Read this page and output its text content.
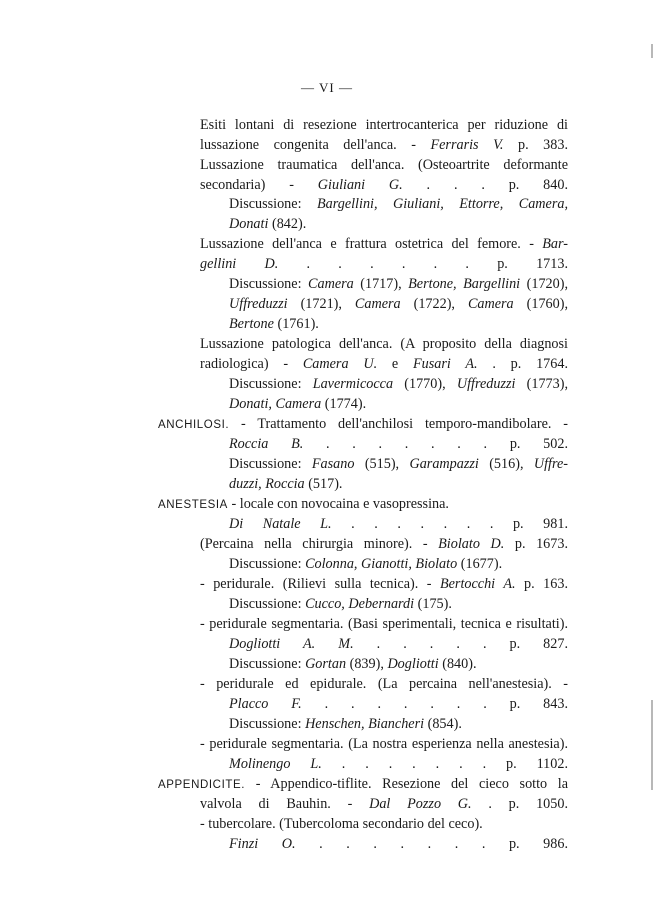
— VI —
Esiti lontani di resezione intertrocanterica per riduzione di
lussazione congenita dell'anca. - Ferraris V. p. 383.
Lussazione traumatica dell'anca. (Osteoartrite deformante
secondaria) - Giuliani G. . . . p. 840.
Discussione: Bargellini, Giuliani, Ettorre, Camera,
Donati (842).
Lussazione dell'anca e frattura ostetrica del femore. - Bar-
gellini D. . . . . . . p. 1713.
Discussione: Camera (1717), Bertone, Bargellini (1720),
Uffreduzzi (1721), Camera (1722), Camera (1760),
Bertone (1761).
Lussazione patologica dell'anca. (A proposito della diagnosi
radiologica) - Camera U. e Fusari A. . p. 1764.
Discussione: Lavermicocca (1770), Uffreduzzi (1773),
Donati, Camera (1774).
ANCHILOSI. - Trattamento dell'anchilosi temporo-mandibolare. -
Roccia B. . . . . . . . p. 502.
Discussione: Fasano (515), Garampazzi (516), Uffre-
duzzi, Roccia (517).
ANESTESIA - locale con novocaina e vasopressina.
Di Natale L. . . . . . . . p. 981.
(Percaina nella chirurgia minore). - Biolato D. p. 1673.
Discussione: Colonna, Gianotti, Biolato (1677).
- peridurale. (Rilievi sulla tecnica). - Bertocchi A. p. 163.
Discussione: Cucco, Debernardi (175).
- peridurale segmentaria. (Basi sperimentali, tecnica e risultati).
Dogliotti A. M. . . . . . p. 827.
Discussione: Gortan (839), Dogliotti (840).
- peridurale ed epidurale. (La percaina nell'anestesia). -
Placco F. . . . . . . . p. 843.
Discussione: Henschen, Biancheri (854).
- peridurale segmentaria. (La nostra esperienza nella anestesia).
Molinengo L. . . . . . . . p. 1102.
APPENDICITE. - Appendico-tiflite. Resezione del cieco sotto la
valvola di Bauhin. - Dal Pozzo G. . p. 1050.
- tubercolare. (Tubercoloma secondario del ceco).
Finzi O. . . . . . . . p. 986.
